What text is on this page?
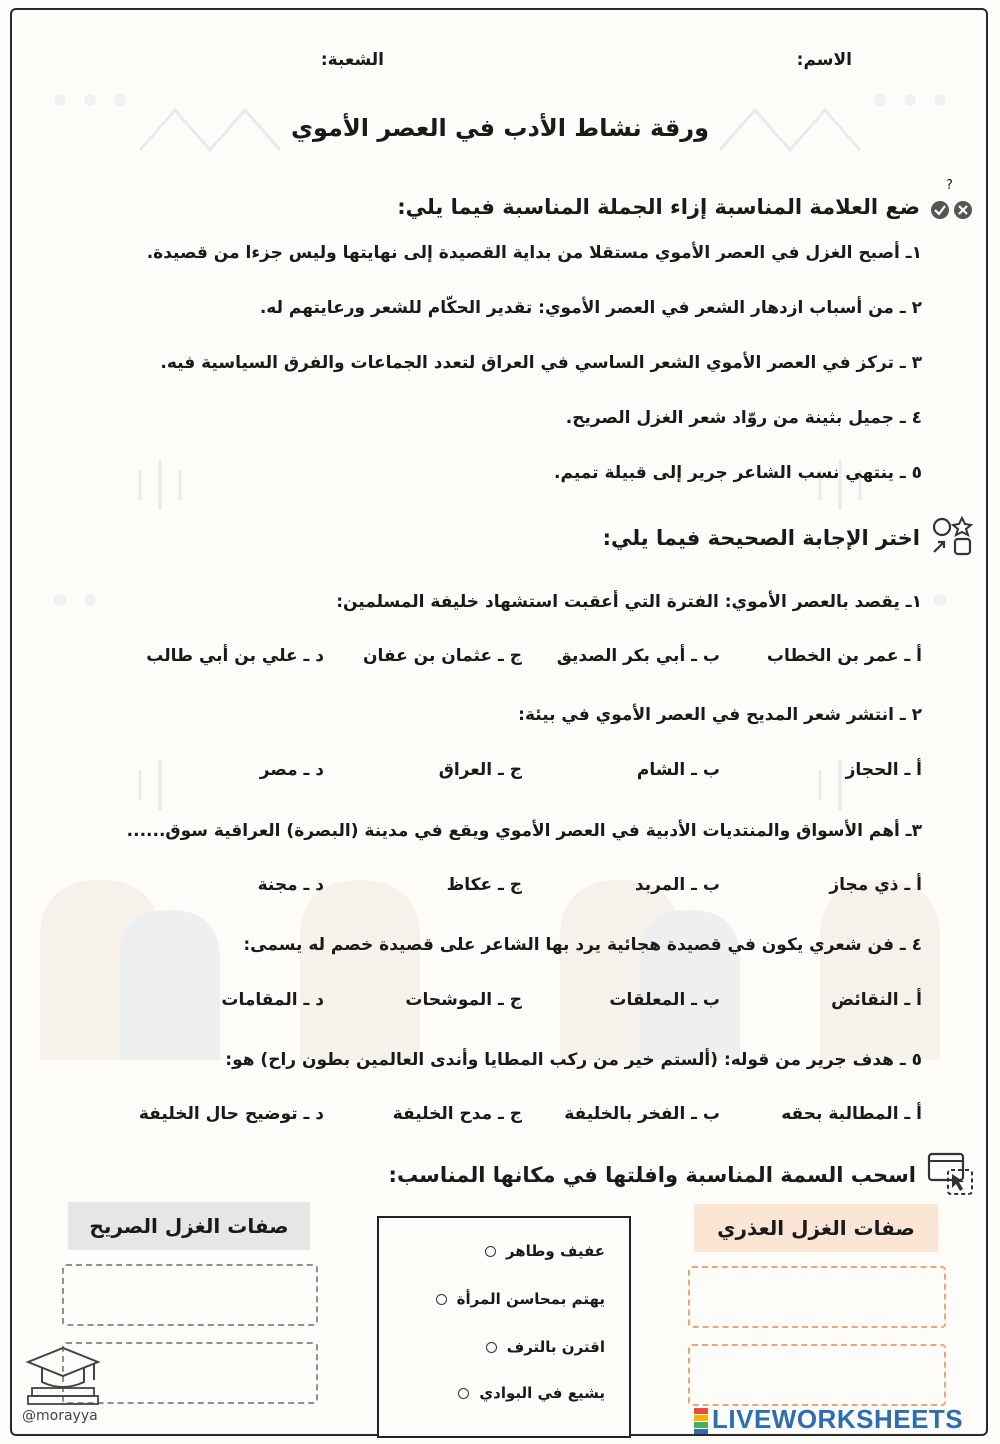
الاسم:
الشعبة:
ورقة نشاط الأدب في العصر الأموي
?
ضع العلامة المناسبة إزاء الجملة المناسبة فيما يلي:
١ـ أصبح الغزل في العصر الأموي مستقلا من بداية القصيدة إلى نهايتها وليس جزءا من قصيدة.
٢ ـ من أسباب ازدهار الشعر في العصر الأموي: تقدير الحكّام للشعر ورعايتهم له.
٣ ـ تركز في العصر الأموي الشعر الساسي في العراق لتعدد الجماعات والفرق السياسية فيه.
٤ ـ جميل بثينة من روّاد شعر الغزل الصريح.
٥ ـ ينتهي نسب الشاعر جرير إلى قبيلة تميم.
اختر الإجابة الصحيحة فيما يلي:
١ـ يقصد بالعصر الأموي: الفترة التي أعقبت استشهاد خليفة المسلمين:
أ ـ عمر بن الخطاب
ب ـ أبي بكر الصديق
ج ـ عثمان بن عفان
د ـ علي بن أبي طالب
٢ ـ انتشر شعر المديح في العصر الأموي في بيئة:
أ ـ الحجاز
ب ـ الشام
ج ـ العراق
د ـ مصر
٣ـ أهم الأسواق والمنتديات الأدبية في العصر الأموي ويقع في مدينة (البصرة) العراقية سوق......
أ ـ ذي مجاز
ب ـ المربد
ج ـ عكاظ
د ـ مجنة
٤ ـ فن شعري يكون في قصيدة هجائية يرد بها الشاعر على قصيدة خصم له يسمى:
أ ـ النقائض
ب ـ المعلقات
ج ـ الموشحات
د ـ المقامات
٥ ـ هدف جرير من قوله: (ألستم خير من ركب المطايا وأندى العالمين بطون راح) هو:
أ ـ المطالبة بحقه
ب ـ الفخر بالخليفة
ج ـ مدح الخليفة
د ـ توضيح حال الخليفة
اسحب السمة المناسبة وافلتها في مكانها المناسب:
صفات الغزل العذري
صفات الغزل الصريح
عفيف وطاهر
يهتم بمحاسن المرأة
اقترن بالترف
يشيع في البوادي
@morayya	LIVEWORKSHEETS
